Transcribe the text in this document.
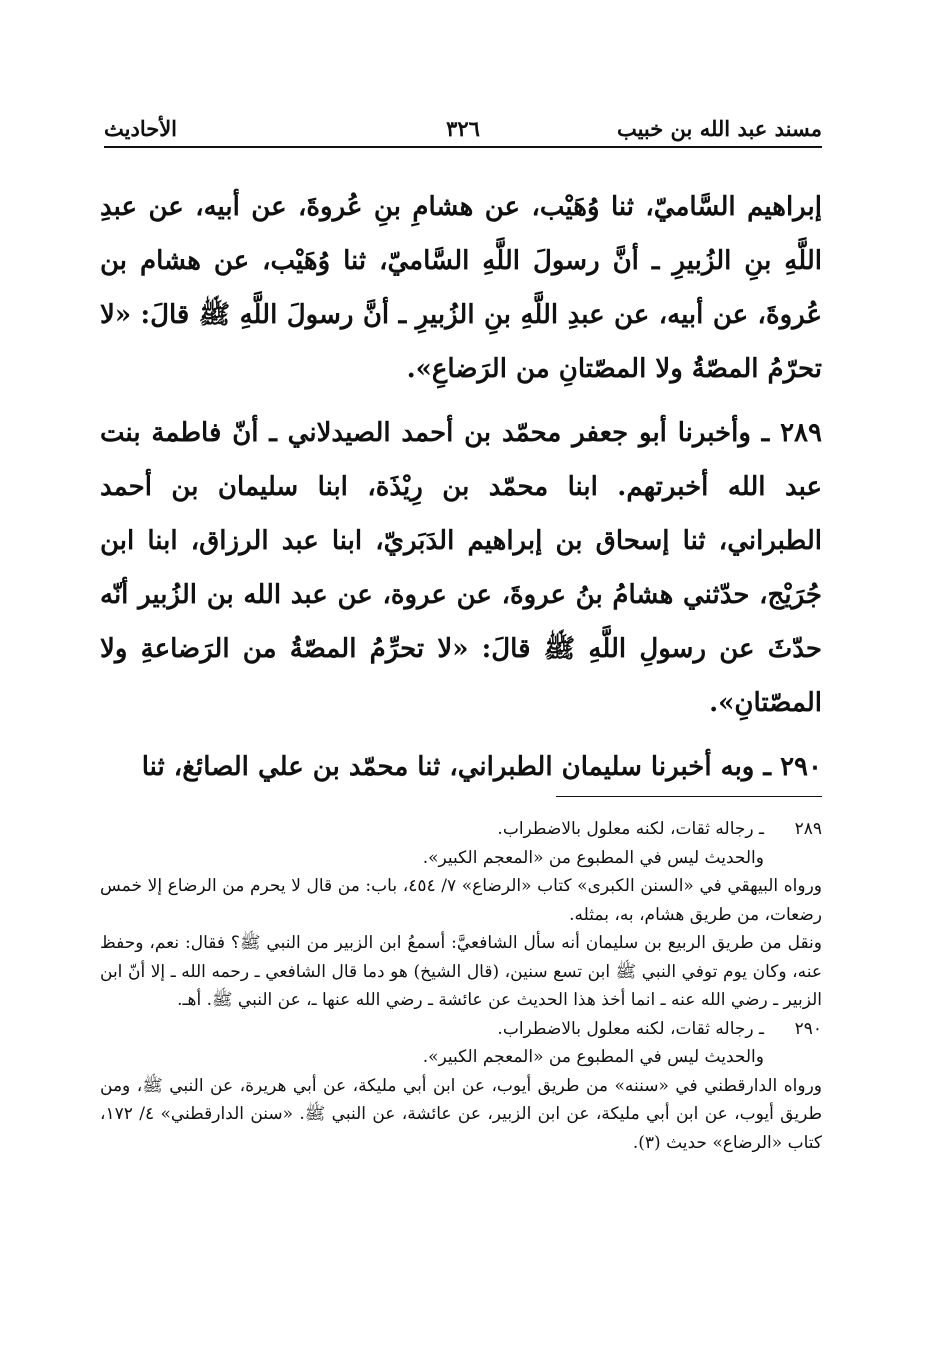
مسند عبد الله بن خبيب
٣٢٦
الأحاديث

إبراهيم السَّاميّ، ثنا وُهَيْب، عن هشامِ بنِ عُروةَ، عن أبيه، عن عبدِ اللَّهِ بنِ الزُبيرِ ـ أنَّ رسولَ اللَّهِ السَّاميّ، ثنا وُهَيْب، عن هشام بن عُروةَ، عن أبيه، عن عبدِ اللَّهِ بنِ الزُبيرِ ـ أنَّ رسولَ اللَّهِ ﷺ قالَ: «لا تحرّمُ المصّةُ ولا المصّتانِ من الرَضاعِ».

٢٨٩ ـ وأخبرنا أبو جعفر محمّد بن أحمد الصيدلاني ـ أنّ فاطمة بنت عبد الله أخبرتهم. ابنا محمّد بن رِيْذَة، ابنا سليمان بن أحمد الطبراني، ثنا إسحاق بن إبراهيم الدَبَريّ، ابنا عبد الرزاق، ابنا ابن جُرَيْج، حدّثني هشامُ بنُ عروةَ، عن عروة، عن عبد الله بن الزُبير أنّه حدّثَ عن رسولِ اللَّهِ ﷺ قالَ: «لا تحرِّمُ المصّةُ من الرَضاعةِ ولا المصّتانِ».

٢٩٠ ـ وبه أخبرنا سليمان الطبراني، ثنا محمّد بن علي الصائغ، ثنا

٢٨٩
ـ رجاله ثقات، لكنه معلول بالاضطراب.
والحديث ليس في المطبوع من «المعجم الكبير».
ورواه البيهقي في «السنن الكبرى» كتاب «الرضاع» ٧/ ٤٥٤، باب: من قال لا يحرم من الرضاع إلا خمس رضعات، من طريق هشام، به، بمثله.
ونقل من طريق الربيع بن سليمان أنه سأل الشافعيَّ: أسمعُ ابن الزبير من النبي ﷺ؟ فقال: نعم، وحفظ عنه، وكان يوم توفي النبي ﷺ ابن تسع سنين، (قال الشيخ) هو دما قال الشافعي ـ رحمه الله ـ إلا أنّ ابن الزبير ـ رضي الله عنه ـ انما أخذ هذا الحديث عن عائشة ـ رضي الله عنها ـ، عن النبي ﷺ. أهـ.
٢٩٠
ـ رجاله ثقات، لكنه معلول بالاضطراب.
والحديث ليس في المطبوع من «المعجم الكبير».
ورواه الدارقطني في «سننه» من طريق أيوب، عن ابن أبي مليكة، عن أبي هريرة، عن النبي ﷺ، ومن طريق أيوب، عن ابن أبي مليكة، عن ابن الزبير، عن عائشة، عن النبي ﷺ. «سنن الدارقطني» ٤/ ١٧٢، كتاب «الرضاع» حديث (٣).
